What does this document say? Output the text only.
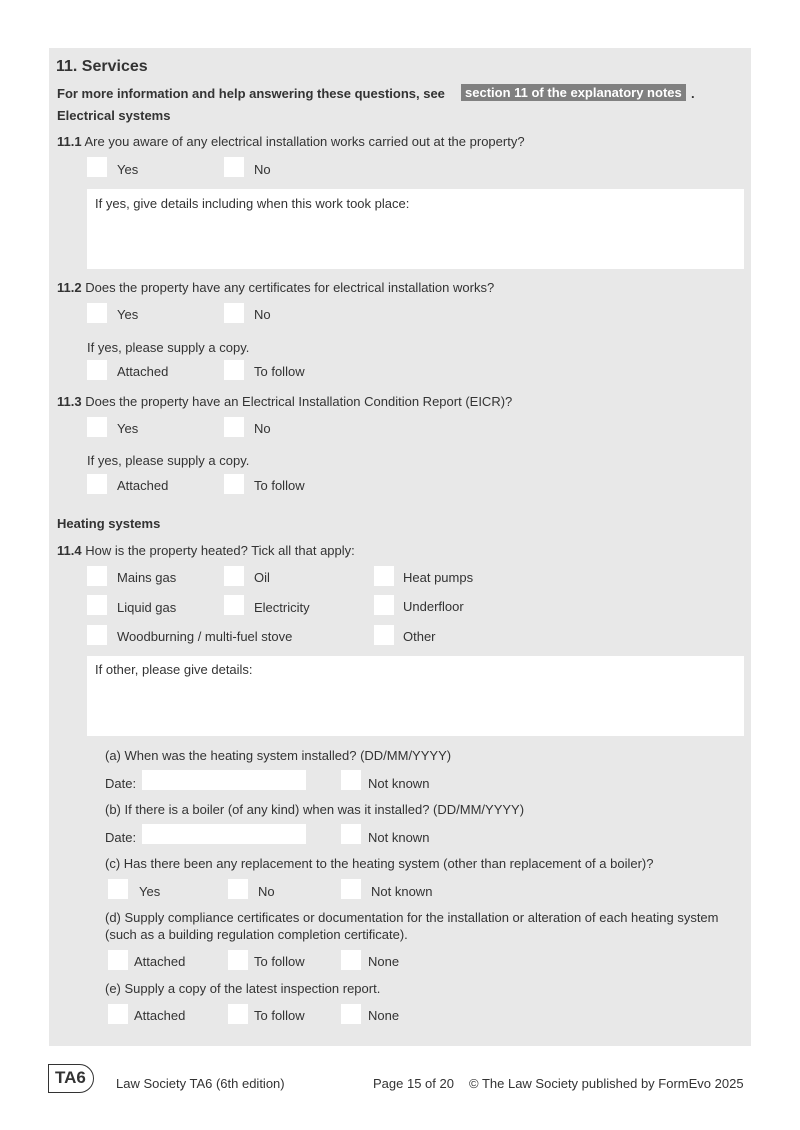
11. Services
For more information and help answering these questions, see	section 11 of the explanatory notes .
Electrical systems
11.1 Are you aware of any electrical installation works carried out at the property?
Yes	No
If yes, give details including when this work took place:
11.2 Does the property have any certificates for electrical installation works?
Yes	No
If yes, please supply a copy.
Attached	To follow
11.3 Does the property have an Electrical Installation Condition Report (EICR)?
Yes	No
If yes, please supply a copy.
Attached	To follow
Heating systems
11.4 How is the property heated? Tick all that apply:
Mains gas	Oil	Heat pumps
Liquid gas	Electricity	Underfloor
Woodburning / multi-fuel stove	Other
If other, please give details:
(a) When was the heating system installed? (DD/MM/YYYY)
Date:	Not known
(b) If there is a boiler (of any kind) when was it installed? (DD/MM/YYYY)
Date:	Not known
(c) Has there been any replacement to the heating system (other than replacement of a boiler)?
Yes	No	Not known
(d) Supply compliance certificates or documentation for the installation or alteration of each heating system
(such as a building regulation completion certificate).
Attached	To follow	None
(e) Supply a copy of the latest inspection report.
Attached	To follow	None
TA6	Law Society TA6 (6th edition)	Page 15 of 20 © The Law Society published by FormEvo 2025
